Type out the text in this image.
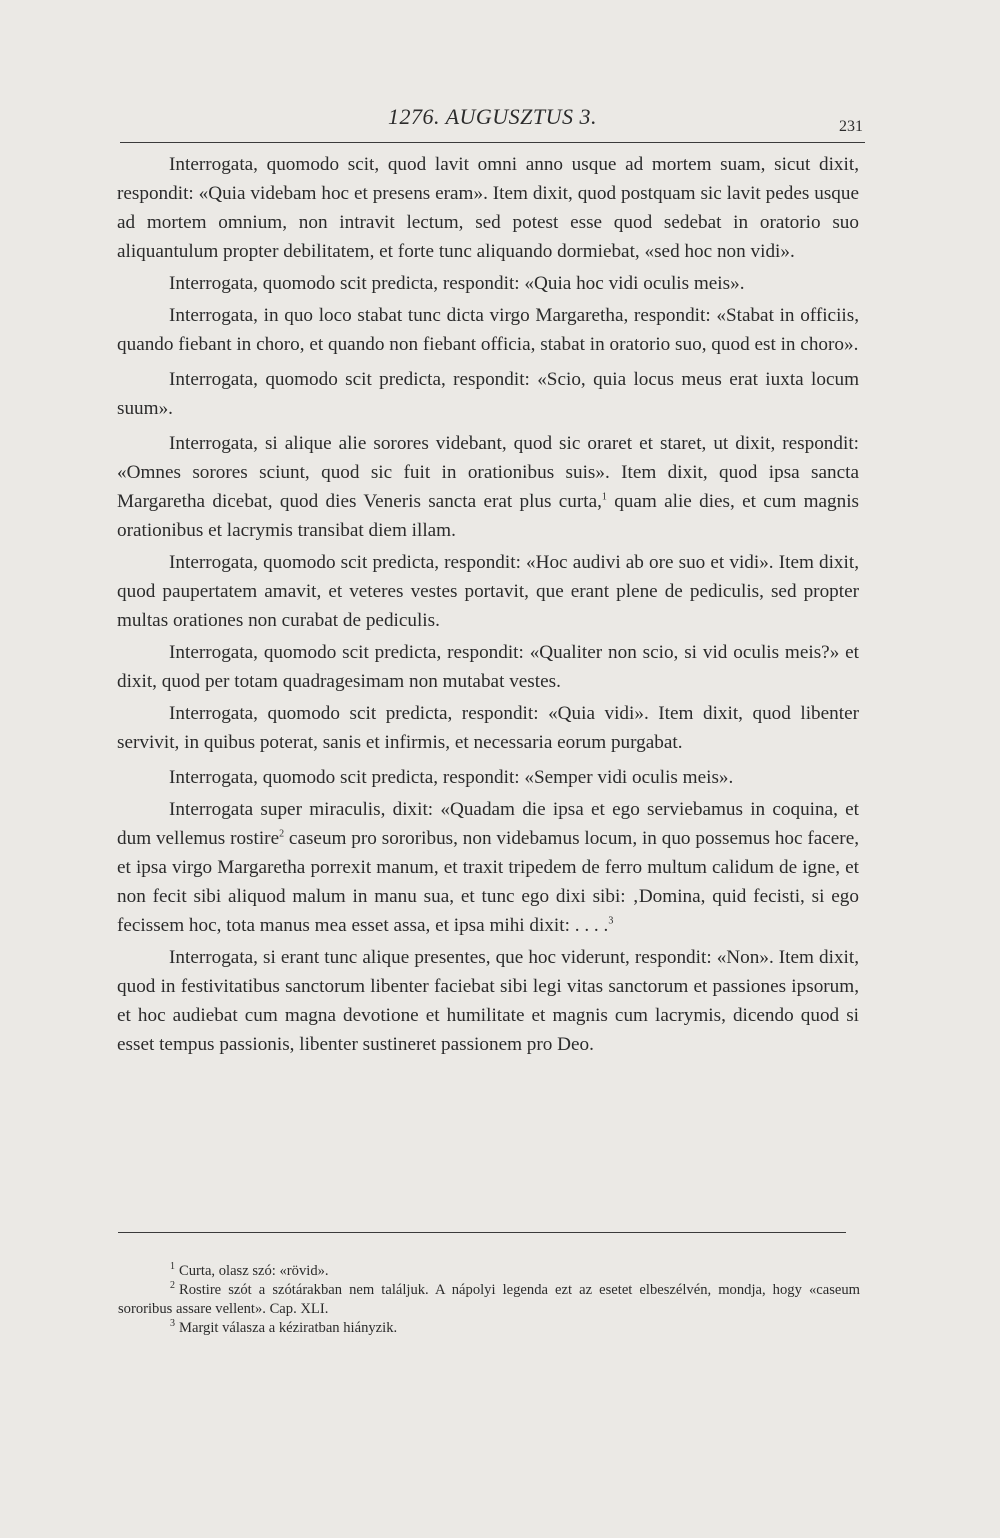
1276. AUGUSZTUS 3.	231

Interrogata, quomodo scit, quod lavit omni anno usque ad mortem suam, sicut dixit, respondit: «Quia videbam hoc et presens eram». Item dixit, quod postquam sic lavit pedes usque ad mortem omnium, non intravit lectum, sed potest esse quod sedebat in oratorio suo aliquantulum propter debilitatem, et forte tunc aliquando dormiebat, «sed hoc non vidi».

Interrogata, quomodo scit predicta, respondit: «Quia hoc vidi oculis meis».

Interrogata, in quo loco stabat tunc dicta virgo Margaretha, respondit: «Stabat in officiis, quando fiebant in choro, et quando non fiebant officia, stabat in oratorio suo, quod est in choro».

Interrogata, quomodo scit predicta, respondit: «Scio, quia locus meus erat iuxta locum suum».

Interrogata, si alique alie sorores videbant, quod sic oraret et staret, ut dixit, respondit: «Omnes sorores sciunt, quod sic fuit in orationibus suis». Item dixit, quod ipsa sancta Margaretha dicebat, quod dies Veneris sancta erat plus curta,$^1$ quam alie dies, et cum magnis orationibus et lacrymis transibat diem illam.

Interrogata, quomodo scit predicta, respondit: «Hoc audivi ab ore suo et vidi». Item dixit, quod paupertatem amavit, et veteres vestes portavit, que erant plene de pediculis, sed propter multas orationes non curabat de pediculis.

Interrogata, quomodo scit predicta, respondit: «Qualiter non scio, si vid oculis meis?» et dixit, quod per totam quadragesimam non mutabat vestes.

Interrogata, quomodo scit predicta, respondit: «Quia vidi». Item dixit, quod libenter servivit, in quibus poterat, sanis et infirmis, et necessaria eorum purgabat.

Interrogata, quomodo scit predicta, respondit: «Semper vidi oculis meis».

Interrogata super miraculis, dixit: «Quadam die ipsa et ego serviebamus in coquina, et dum vellemus rostire$^2$ caseum pro sororibus, non videbamus locum, in quo possemus hoc facere, et ipsa virgo Margaretha porrexit manum, et traxit tripedem de ferro multum calidum de igne, et non fecit sibi aliquod malum in manu sua, et tunc ego dixi sibi: ‚Domina, quid fecisti, si ego fecissem hoc, tota manus mea esset assa, et ipsa mihi dixit: . . . .$^3$

Interrogata, si erant tunc alique presentes, que hoc viderunt, respondit: «Non». Item dixit, quod in festivitatibus sanctorum libenter faciebat sibi legi vitas sanctorum et passiones ipsorum, et hoc audiebat cum magna devotione et humilitate et magnis cum lacrymis, dicendo quod si esset tempus passionis, libenter sustineret passionem pro Deo.

$^1$ Curta, olasz szó: «rövid».

$^2$ Rostire szót a szótárakban nem találjuk. A nápolyi legenda ezt az esetet elbeszélvén, mondja, hogy «caseum sororibus assare vellent». Cap. XLI.

$^3$ Margit válasza a kéziratban hiányzik.
